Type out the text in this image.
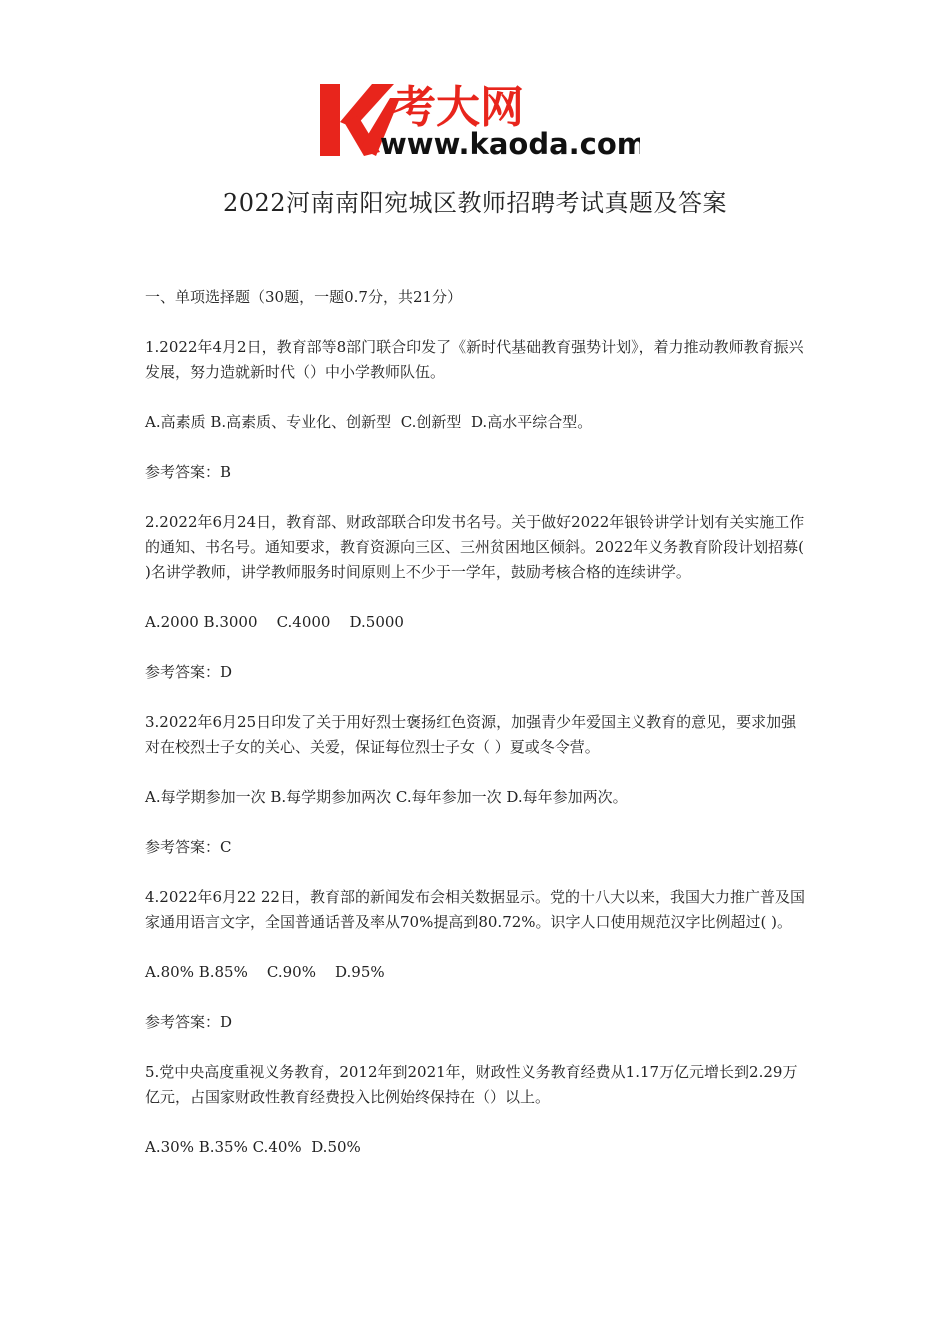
考大网
www.kaoda.com
2022河南南阳宛城区教师招聘考试真题及答案

一、单项选择题（30题，一题0.7分，共21分）

1.2022年4月2日，教育部等8部门联合印发了《新时代基础教育强势计划》，着力推动教师教育振兴发展，努力造就新时代（）中小学教师队伍。

A.高素质 B.高素质、专业化、创新型  C.创新型  D.高水平综合型。

参考答案：B

2.2022年6月24日，教育部、财政部联合印发书名号。关于做好2022年银铃讲学计划有关实施工作的通知、书名号。通知要求，教育资源向三区、三州贫困地区倾斜。2022年义务教育阶段计划招募( )名讲学教师，讲学教师服务时间原则上不少于一学年，鼓励考核合格的连续讲学。

A.2000 B.3000    C.4000    D.5000

参考答案：D

3.2022年6月25日印发了关于用好烈士褒扬红色资源，加强青少年爱国主义教育的意见，要求加强对在校烈士子女的关心、关爱，保证每位烈士子女（ ）夏或冬令营。

A.每学期参加一次 B.每学期参加两次 C.每年参加一次 D.每年参加两次。

参考答案：C

4.2022年6月22 22日，教育部的新闻发布会相关数据显示。党的十八大以来，我国大力推广普及国家通用语言文字，全国普通话普及率从70%提高到80.72%。识字人口使用规范汉字比例超过( )。

A.80% B.85%    C.90%    D.95%

参考答案：D

5.党中央高度重视义务教育，2012年到2021年，财政性义务教育经费从1.17万亿元增长到2.29万亿元，占国家财政性教育经费投入比例始终保持在（）以上。

A.30% B.35% C.40%  D.50%
